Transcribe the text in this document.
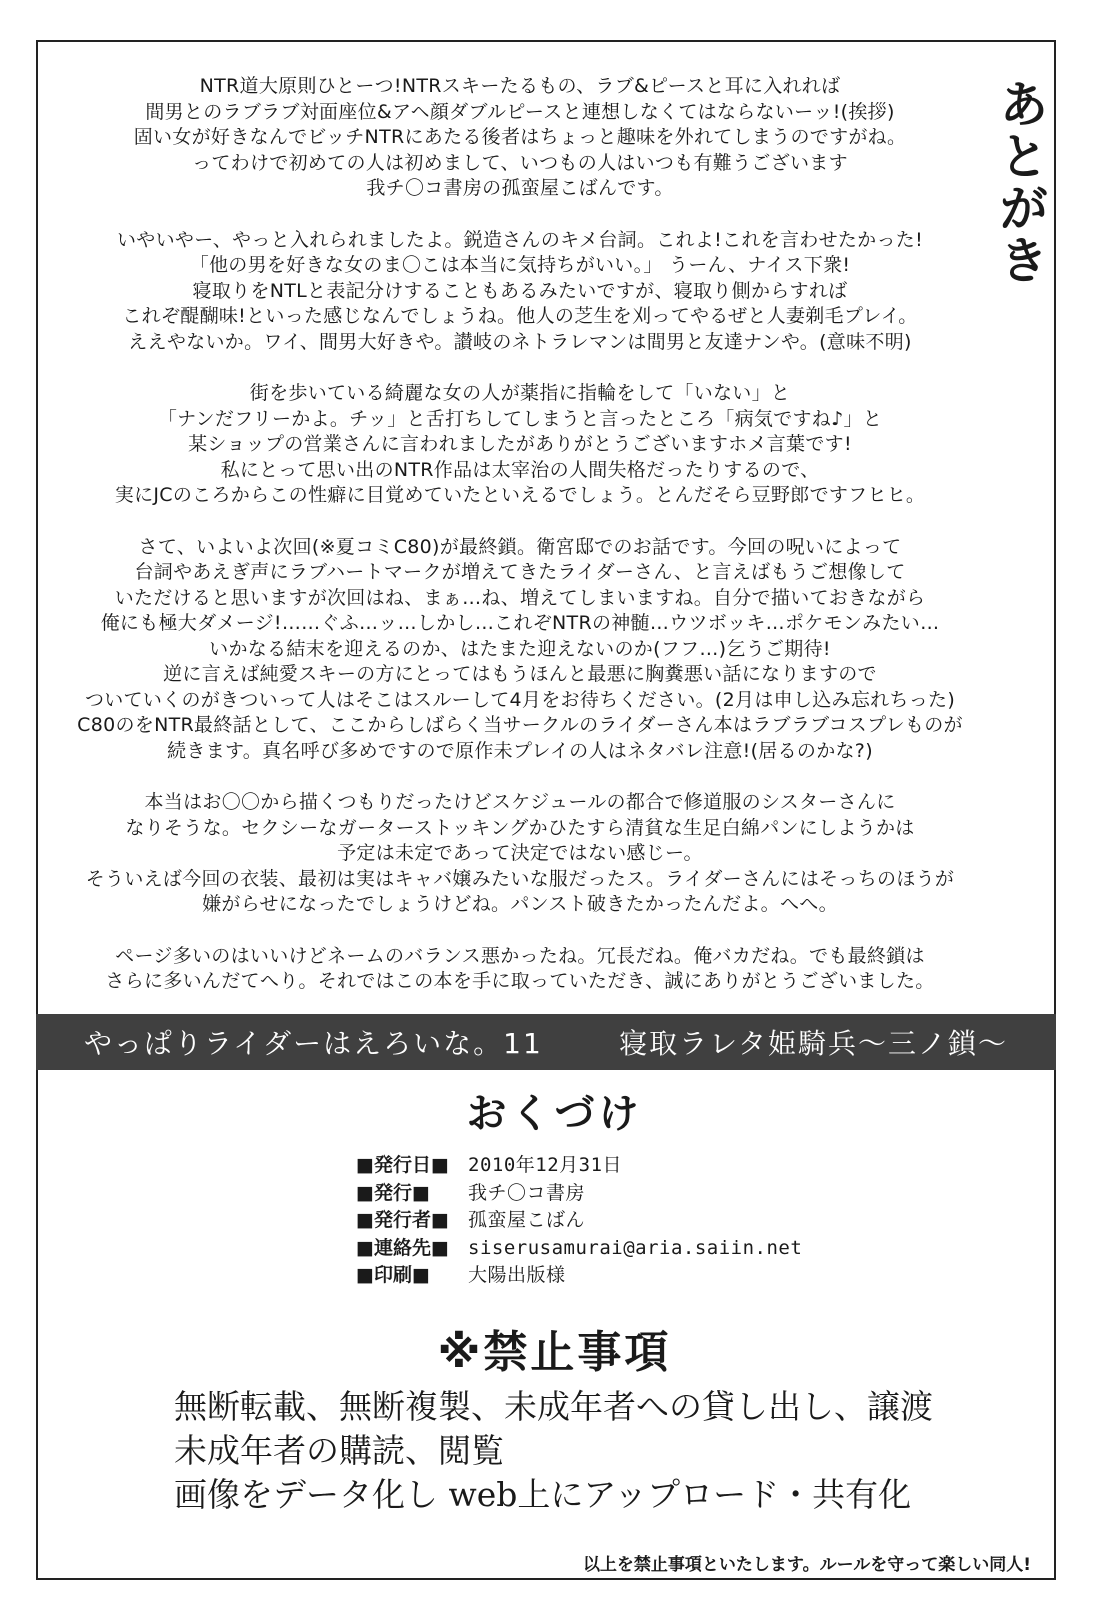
あとがき

NTR道大原則ひとーつ!NTRスキーたるもの、ラブ&ピースと耳に入れれば
間男とのラブラブ対面座位&アヘ顔ダブルピースと連想しなくてはならないーッ!(挨拶)
固い女が好きなんでビッチNTRにあたる後者はちょっと趣味を外れてしまうのですがね。
ってわけで初めての人は初めまして、いつもの人はいつも有難うございます
我チ〇コ書房の孤蛮屋こばんです。

いやいやー、やっと入れられましたよ。鋭造さんのキメ台詞。これよ!これを言わせたかった!
「他の男を好きな女のま〇こは本当に気持ちがいい。」 うーん、ナイス下衆!
寝取りをNTLと表記分けすることもあるみたいですが、寝取り側からすれば
これぞ醍醐味!といった感じなんでしょうね。他人の芝生を刈ってやるぜと人妻剃毛プレイ。
ええやないか。ワイ、間男大好きや。讃岐のネトラレマンは間男と友達ナンや。(意味不明)

街を歩いている綺麗な女の人が薬指に指輪をして「いない」と
「ナンだフリーかよ。チッ」と舌打ちしてしまうと言ったところ「病気ですね♪」と
某ショップの営業さんに言われましたがありがとうございますホメ言葉です!
私にとって思い出のNTR作品は太宰治の人間失格だったりするので、
実にJCのころからこの性癖に目覚めていたといえるでしょう。とんだそら豆野郎ですフヒヒ。

さて、いよいよ次回(※夏コミC80)が最終鎖。衛宮邸でのお話です。今回の呪いによって
台詞やあえぎ声にラブハートマークが増えてきたライダーさん、と言えばもうご想像して
いただけると思いますが次回はね、まぁ…ね、増えてしまいますね。自分で描いておきながら
俺にも極大ダメージ!……ぐふ…ッ…しかし…これぞNTRの神髄…ウツボッキ…ポケモンみたい…
いかなる結末を迎えるのか、はたまた迎えないのか(フフ…)乞うご期待!
逆に言えば純愛スキーの方にとってはもうほんと最悪に胸糞悪い話になりますので
ついていくのがきついって人はそこはスルーして4月をお待ちください。(2月は申し込み忘れちった)
C80のをNTR最終話として、ここからしばらく当サークルのライダーさん本はラブラブコスプレものが
続きます。真名呼び多めですので原作未プレイの人はネタバレ注意!(居るのかな?)

本当はお〇〇から描くつもりだったけどスケジュールの都合で修道服のシスターさんに
なりそうな。セクシーなガーターストッキングかひたすら清貧な生足白綿パンにしようかは
予定は未定であって決定ではない感じー。
そういえば今回の衣装、最初は実はキャバ嬢みたいな服だったス。ライダーさんにはそっちのほうが
嫌がらせになったでしょうけどね。パンスト破きたかったんだよ。へへ。

ページ多いのはいいけどネームのバランス悪かったね。冗長だね。俺バカだね。でも最終鎖は
さらに多いんだてへり。それではこの本を手に取っていただき、誠にありがとうございました。

やっぱりライダーはえろいな。11	寝取ラレタ姫騎兵〜三ノ鎖〜
おくづけ
■発行日■ 2010年12月31日
■発行■ 我チ〇コ書房
■発行者■ 孤蛮屋こばん
■連絡先■ siserusamurai@aria.saiin.net
■印刷■ 大陽出版様
※禁止事項
無断転載、無断複製、未成年者への貸し出し、譲渡
未成年者の購読、閲覧
画像をデータ化し web上にアップロード・共有化
以上を禁止事項といたします。ルールを守って楽しい同人!
